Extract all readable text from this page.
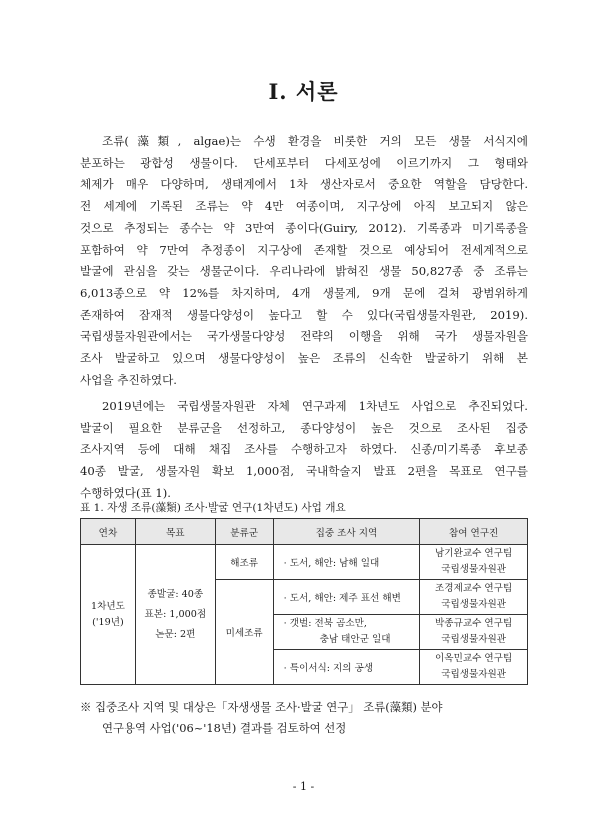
Ⅰ. 서론
조류(藻類, algae)는 수생 환경을 비롯한 거의 모든 생물 서식지에
분포하는 광합성 생물이다. 단세포부터 다세포성에 이르기까지 그 형태와
체제가 매우 다양하며, 생태계에서 1차 생산자로서 중요한 역할을 담당한다.
전 세계에 기록된 조류는 약 4만 여종이며, 지구상에 아직 보고되지 않은
것으로 추정되는 종수는 약 3만여 종이다(Guiry, 2012). 기록종과 미기록종을
포함하여 약 7만여 추정종이 지구상에 존재할 것으로 예상되어 전세계적으로
발굴에 관심을 갖는 생물군이다. 우리나라에 밝혀진 생물 50,827종 중 조류는
6,013종으로 약 12%를 차지하며, 4개 생물계, 9개 문에 걸쳐 광범위하게
존재하여 잠재적 생물다양성이 높다고 할 수 있다(국립생물자원관, 2019).
국립생물자원관에서는 국가생물다양성 전략의 이행을 위해 국가 생물자원을
조사 발굴하고 있으며 생물다양성이 높은 조류의 신속한 발굴하기 위해 본
사업을 추진하였다.
2019년에는 국립생물자원관 자체 연구과제 1차년도 사업으로 추진되었다.
발굴이 필요한 분류군을 선정하고, 종다양성이 높은 것으로 조사된 집중
조사지역 등에 대해 채집 조사를 수행하고자 하였다. 신종/미기록종 후보종
40종 발굴, 생물자원 확보 1,000점, 국내학술지 발표 2편을 목표로 연구를
수행하였다(표 1).
표 1. 자생 조류(藻類) 조사·발굴 연구(1차년도) 사업 개요
연차	목표	분류군	집중 조사 지역	참여 연구진

1차년도
('19년)	종발굴: 40종
표본: 1,000점
논문: 2편	해조류	· 도서, 해안: 남해 일대	남기완교수 연구팀
국립생물자원관

		미세조류	· 도서, 해안: 제주 표선 해변	조경제교수 연구팀
국립생물자원관

			· 갯벌: 전북 곰소만,
충남 태안군 일대	박종규교수 연구팀
국립생물자원관

			· 특이서식: 지의 공생	이옥민교수 연구팀
국립생물자원관
※ 집중조사 지역 및 대상은「자생생물 조사·발굴 연구」 조류(藻類) 분야
연구용역 사업('06~'18년) 결과를 검토하여 선정
- 1 -
